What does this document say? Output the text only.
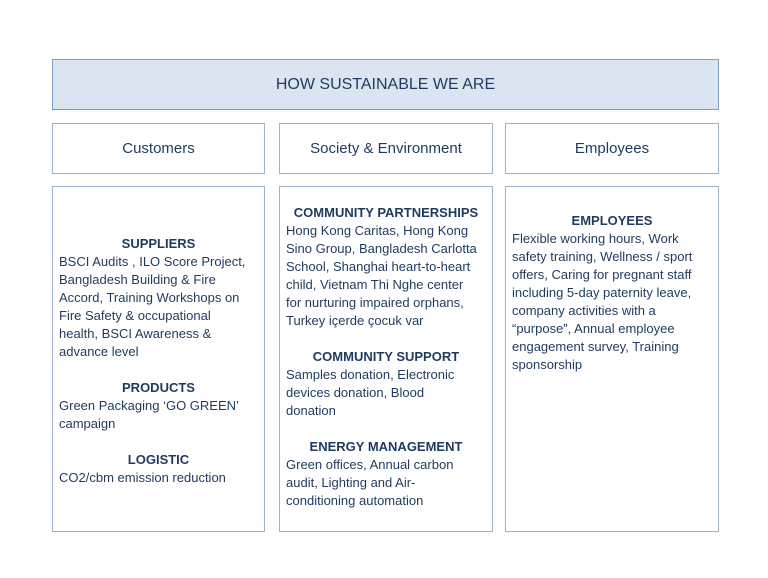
HOW SUSTAINABLE WE ARE
Customers	Society & Environment	Employees
SUPPLIERS
BSCI Audits , ILO Score Project,
Bangladesh Building & Fire
Accord, Training Workshops on
Fire Safety & occupational
health, BSCI Awareness &
advance level
PRODUCTS
Green Packaging ‘GO GREEN’
campaign
LOGISTIC
CO2/cbm emission reduction
COMMUNITY PARTNERSHIPS
Hong Kong Caritas, Hong Kong
Sino Group, Bangladesh Carlotta
School, Shanghai heart-to-heart
child, Vietnam Thi Nghe center
for nurturing impaired orphans,
Turkey içerde çocuk var
COMMUNITY SUPPORT
Samples donation, Electronic
devices donation, Blood
donation
ENERGY MANAGEMENT
Green offices, Annual carbon
audit, Lighting and Air-
conditioning automation
EMPLOYEES
Flexible working hours, Work
safety training, Wellness / sport
offers, Caring for pregnant staff
including 5-day paternity leave,
company activities with a
“purpose”, Annual employee
engagement survey, Training
sponsorship
